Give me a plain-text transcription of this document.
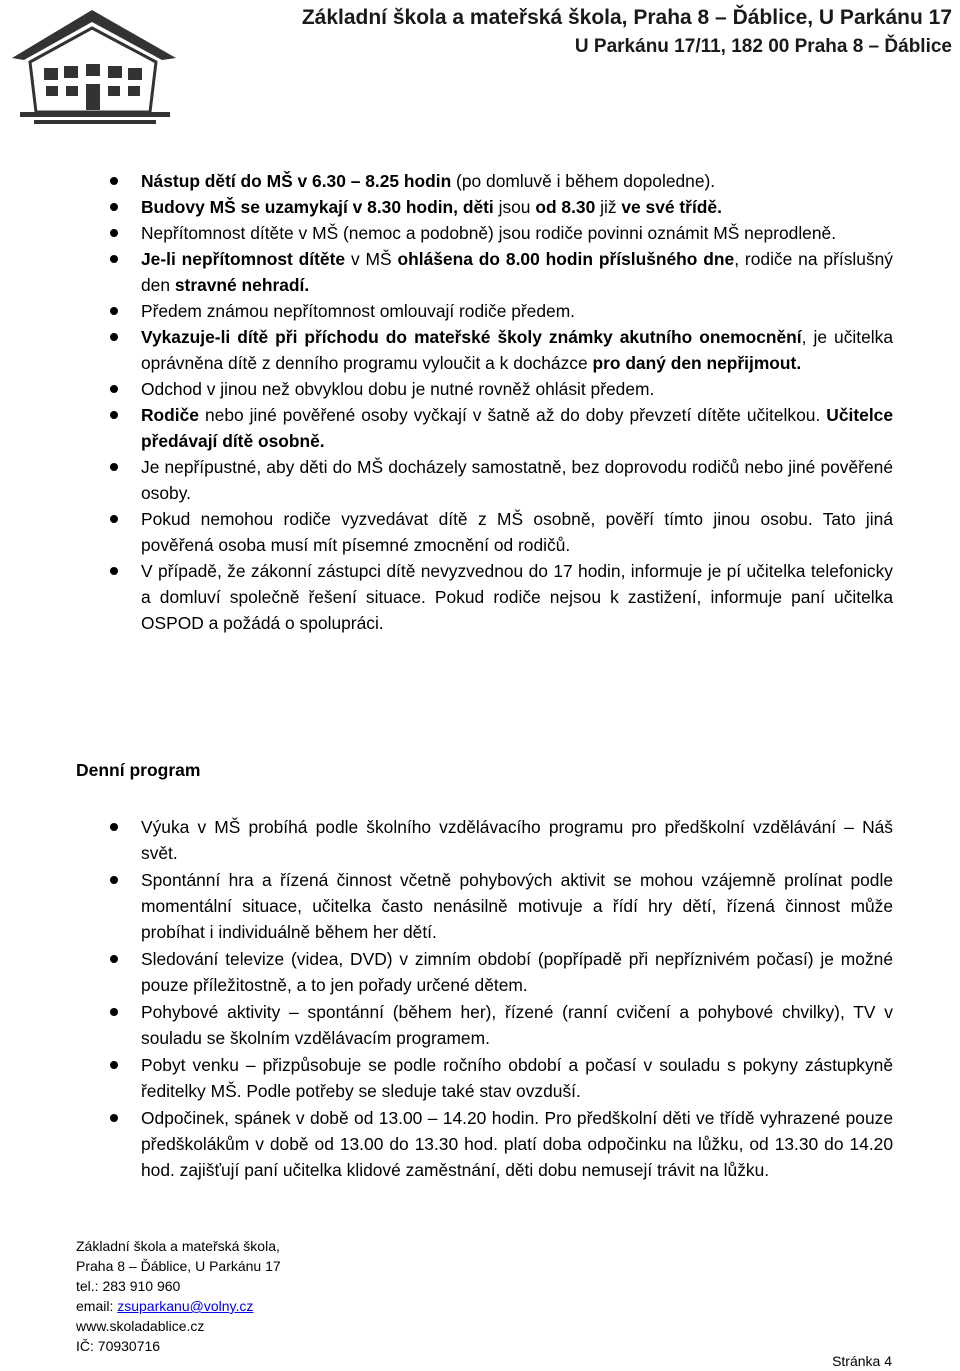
Základní škola a mateřská škola, Praha 8 – Ďáblice, U Parkánu 17
U Parkánu 17/11, 182 00 Praha 8 – Ďáblice
Nástup dětí do MŠ v 6.30 – 8.25 hodin (po domluvě i během dopoledne).
Budovy MŠ se uzamykají v 8.30 hodin, děti jsou od 8.30 již ve své třídě.
Nepřítomnost dítěte v MŠ (nemoc a podobně) jsou rodiče povinni oznámit MŠ neprodleně.
Je-li nepřítomnost dítěte v MŠ ohlášena do 8.00 hodin příslušného dne, rodiče na příslušný den stravné nehradí.
Předem známou nepřítomnost omlouvají rodiče předem.
Vykazuje-li dítě při příchodu do mateřské školy známky akutního onemocnění, je učitelka oprávněna dítě z denního programu vyloučit a k docházce pro daný den nepřijmout.
Odchod v jinou než obvyklou dobu je nutné rovněž ohlásit předem.
Rodiče nebo jiné pověřené osoby vyčkají v šatně až do doby převzetí dítěte učitelkou. Učitelce předávají dítě osobně.
Je nepřípustné, aby děti do MŠ docházely samostatně, bez doprovodu rodičů nebo jiné pověřené osoby.
Pokud nemohou rodiče vyzvedávat dítě z MŠ osobně, pověří tímto jinou osobu. Tato jiná pověřená osoba musí mít písemné zmocnění od rodičů.
V případě, že zákonní zástupci dítě nevyzvednou do 17 hodin, informuje je pí učitelka telefonicky a domluví společně řešení situace. Pokud rodiče nejsou k zastižení, informuje paní učitelka OSPOD a požádá o spolupráci.
Denní program
Výuka v MŠ probíhá podle školního vzdělávacího programu pro předškolní vzdělávání – Náš svět.
Spontánní hra a řízená činnost včetně pohybových aktivit se mohou vzájemně prolínat podle momentální situace, učitelka často nenásilně motivuje a řídí hry dětí, řízená činnost může probíhat i individuálně během her dětí.
Sledování televize (videa, DVD) v zimním období (popřípadě při nepříznivém počasí) je možné pouze příležitostně, a to jen pořady určené dětem.
Pohybové aktivity – spontánní (během her), řízené (ranní cvičení a pohybové chvilky), TV v souladu se školním vzdělávacím programem.
Pobyt venku – přizpůsobuje se podle ročního období a počasí v souladu s pokyny zástupkyně ředitelky MŠ. Podle potřeby se sleduje také stav ovzduší.
Odpočinek, spánek v době od 13.00 – 14.20 hodin. Pro předškolní děti ve třídě vyhrazené pouze předškolákům v době od 13.00 do 13.30 hod. platí doba odpočinku na lůžku, od 13.30 do 14.20 hod. zajišťují paní učitelka klidové zaměstnání, děti dobu nemusejí trávit na lůžku.
Základní škola a mateřská škola,
Praha 8 – Ďáblice, U Parkánu 17
tel.: 283 910 960
email: zsuparkanu@volny.cz
www.skoladablice.cz
IČ: 70930716
Stránka 4
